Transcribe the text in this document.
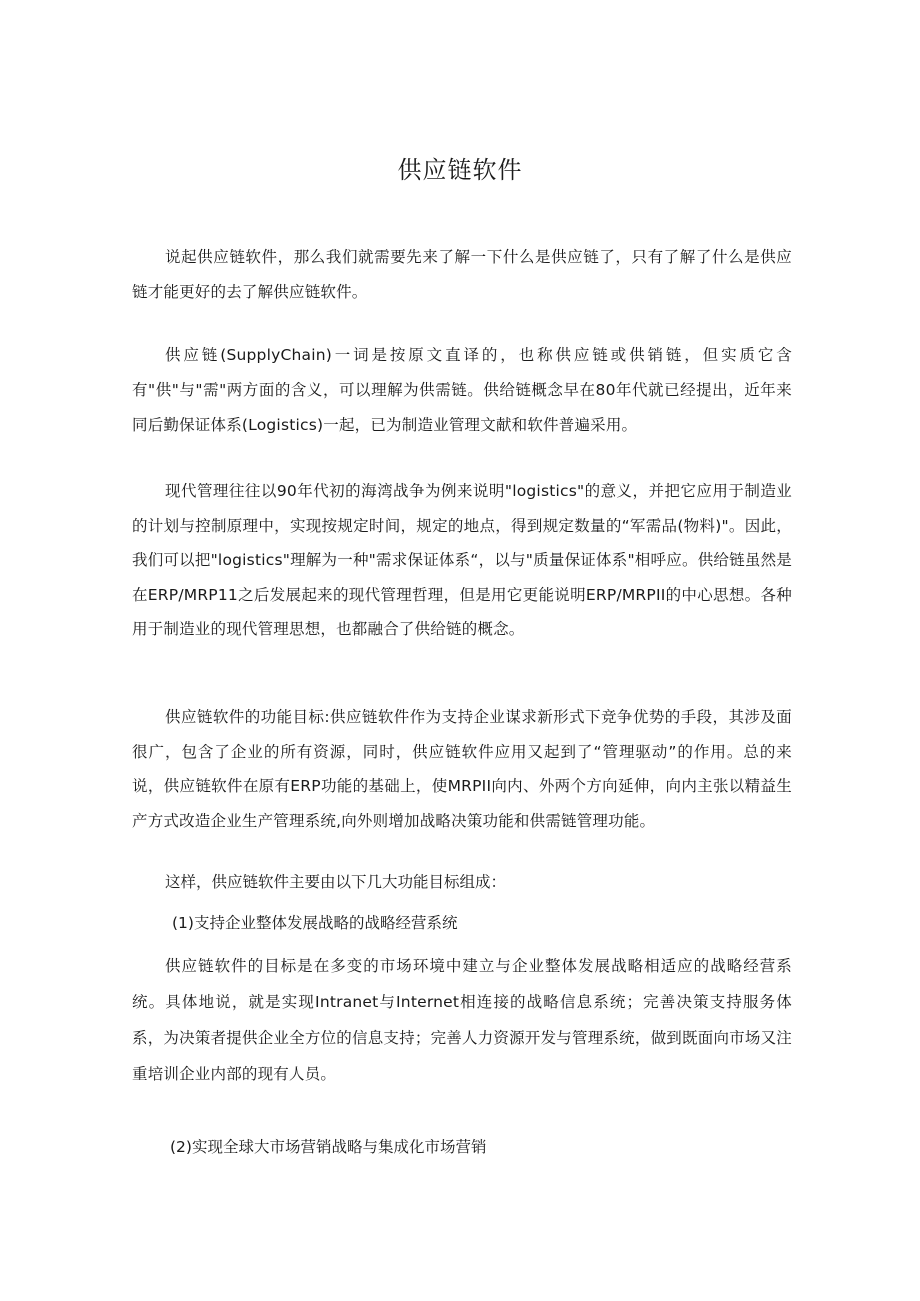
供应链软件

说起供应链软件，那么我们就需要先来了解一下什么是供应链了，只有了解了什么是供应链才能更好的去了解供应链软件。

供应链(SupplyChain)一词是按原文直译的，也称供应链或供销链，但实质它含有"供"与"需"两方面的含义，可以理解为供需链。供给链概念早在80年代就已经提出，近年来同后勤保证体系(Logistics)一起，已为制造业管理文献和软件普遍采用。

现代管理往往以90年代初的海湾战争为例来说明"logistics"的意义，并把它应用于制造业的计划与控制原理中，实现按规定时间，规定的地点，得到规定数量的“军需品(物料)"。因此，我们可以把"logistics"理解为一种"需求保证体系“，以与"质量保证体系"相呼应。供给链虽然是在ERP/MRP11之后发展起来的现代管理哲理，但是用它更能说明ERP/MRPII的中心思想。各种用于制造业的现代管理思想，也都融合了供给链的概念。

供应链软件的功能目标:供应链软件作为支持企业谋求新形式下竞争优势的手段，其涉及面很广，包含了企业的所有资源，同时，供应链软件应用又起到了“管理驱动”的作用。总的来说，供应链软件在原有ERP功能的基础上，使MRPII向内、外两个方向延伸，向内主张以精益生产方式改造企业生产管理系统,向外则增加战略决策功能和供需链管理功能。

这样，供应链软件主要由以下几大功能目标组成：

(1)支持企业整体发展战略的战略经营系统

供应链软件的目标是在多变的市场环境中建立与企业整体发展战略相适应的战略经营系统。具体地说，就是实现Intranet与Internet相连接的战略信息系统；完善决策支持服务体系，为决策者提供企业全方位的信息支持；完善人力资源开发与管理系统，做到既面向市场又注重培训企业内部的现有人员。

(2)实现全球大市场营销战略与集成化市场营销
